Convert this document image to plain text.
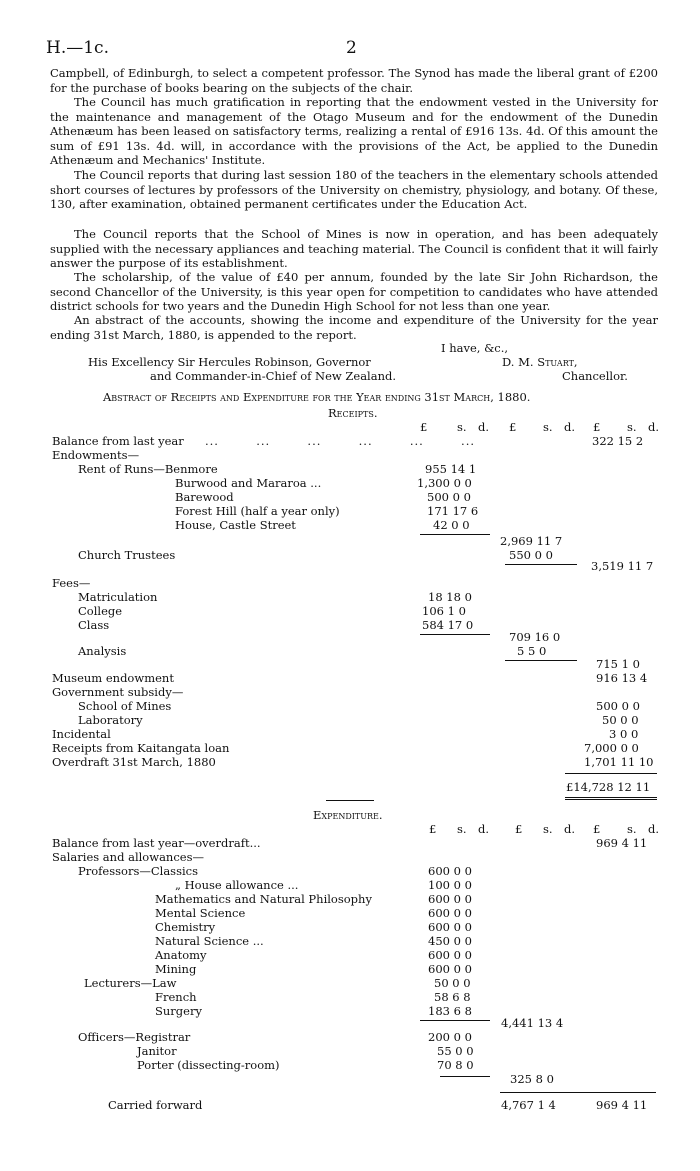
H.—1c.	2

Campbell, of Edinburgh, to select a competent professor. The Synod has made the liberal grant of £200 for the purchase of books bearing on the subjects of the chair.

The Council has much gratification in reporting that the endowment vested in the University for the maintenance and management of the Otago Museum and for the endowment of the Dunedin Athenæum has been leased on satisfactory terms, realizing a rental of £916 13s. 4d. Of this amount the sum of £91 13s. 4d. will, in accordance with the provisions of the Act, be applied to the Dunedin Athenæum and Mechanics' Institute.

The Council reports that during last session 180 of the teachers in the elementary schools attended short courses of lectures by professors of the University on chemistry, physiology, and botany. Of these, 130, after examination, obtained permanent certificates under the Education Act.

The Council reports that the School of Mines is now in operation, and has been adequately supplied with the necessary appliances and teaching material. The Council is confident that it will fairly answer the purpose of its establishment.

The scholarship, of the value of £40 per annum, founded by the late Sir John Richardson, the second Chancellor of the University, is this year open for competition to candidates who have attended district schools for two years and the Dunedin High School for not less than one year.

An abstract of the accounts, showing the income and expenditure of the University for the year ending 31st March, 1880, is appended to the report.

I have, &c.,
His Excellency Sir Hercules Robinson, Governor	D. M. Stuart,
and Commander-in-Chief of New Zealand.	Chancellor.
Abstract of Receipts and Expenditure for the Year ending 31st March, 1880.
Receipts.
£	s. d. £ s. d. £ s. d.
Balance from last year ...        ...        ...        ...        ...        ...	322 15 2
Endowments—
Rent of Runs—Benmore	955 14 1
Burwood and Mararoa ...	1,300 0 0
Barewood	500 0 0
Forest Hill (half a year only)	171 17 6
House, Castle Street	42 0 0
2,969 11 7
Church Trustees	550 0 0
3,519 11 7
Fees—
Matriculation	18 18 0
College	106 1 0
Class	584 17 0
709 16 0
Analysis	5 5 0
715 1 0
Museum endowment	916 13 4
Government subsidy—
School of Mines	500 0 0
Laboratory	50 0 0
Incidental	3 0 0
Receipts from Kaitangata loan	7,000 0 0
Overdraft 31st March, 1880	1,701 11 10
£14,728 12 11
Expenditure.
£ s. d. £ s. d. £ s. d.
Balance from last year—overdraft...	969 4 11
Salaries and allowances—
Professors—Classics	600 0 0
„ House allowance ...	100 0 0
Mathematics and Natural Philosophy	600 0 0
Mental Science	600 0 0
Chemistry	600 0 0
Natural Science ...	450 0 0
Anatomy	600 0 0
Mining	600 0 0
Lecturers—Law	50 0 0
French	58 6 8
Surgery	183 6 8
4,441 13 4
Officers—Registrar	200 0 0
Janitor	55 0 0
Porter (dissecting-room)	70 8 0
325 8 0
Carried forward	4,767 1 4	969 4 11
